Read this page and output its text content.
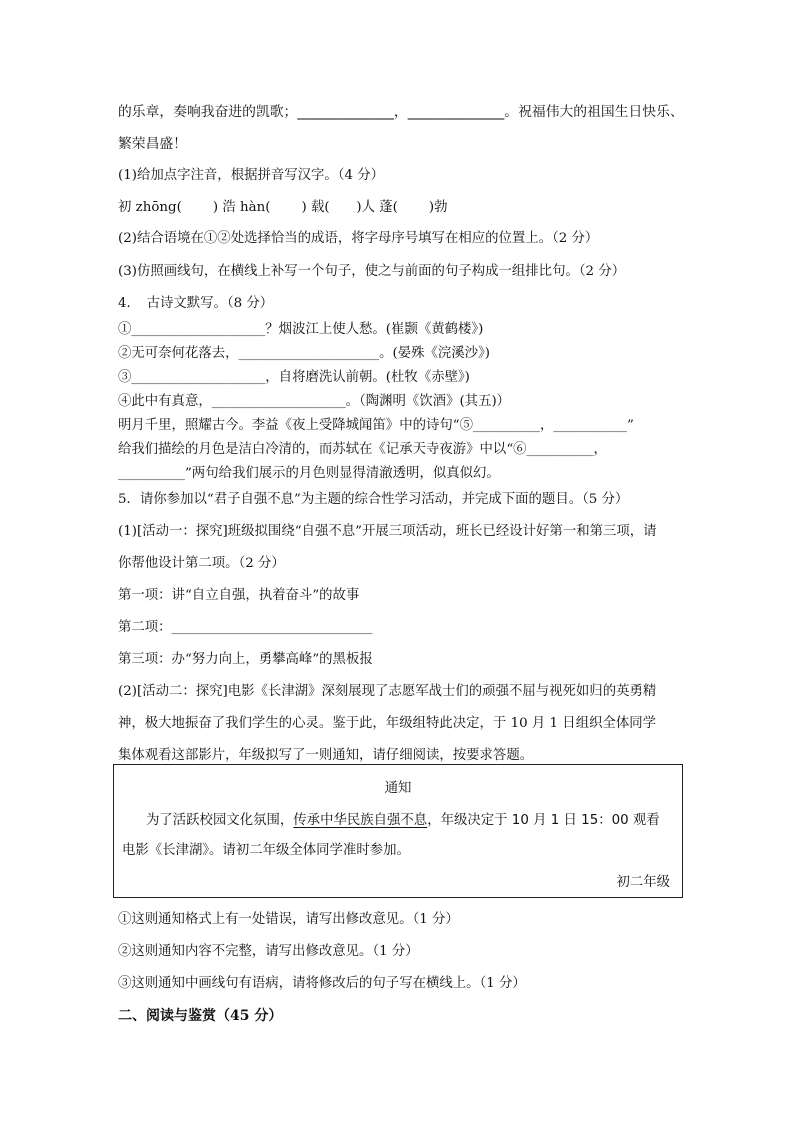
的乐章，奏响我奋进的凯歌；______________，______________。祝福伟大的祖国生日快乐、

繁荣昌盛！

(1)给加点字注音，根据拼音写汉字。（4 分）

初 zhōng(　　 ) 浩 hàn(　　 ) 载(　　)人 蓬(　　 )勃

(2)结合语境在①②处选择恰当的成语，将字母序号填写在相应的位置上。（2 分）

(3)仿照画线句，在横线上补写一个句子，使之与前面的句子构成一组排比句。（2 分）

4．　古诗文默写。（8 分）

①____________________？烟波江上使人愁。(崔颢《黄鹤楼》)

②无可奈何花落去，_____________________。(晏殊《浣溪沙》)

③____________________，自将磨洗认前朝。(杜牧《赤壁》)

④此中有真意，____________________。（陶渊明《饮酒》(其五)）

明月千里，照耀古今。李益《夜上受降城闻笛》中的诗句“⑤__________，___________”

给我们描绘的月色是洁白冷清的，而苏轼在《记承天寺夜游》中以“⑥__________，

__________”两句给我们展示的月色则显得清澈透明，似真似幻。

5．请你参加以“君子自强不息”为主题的综合性学习活动，并完成下面的题目。（5 分）

(1)[活动一：探究]班级拟围绕“自强不息”开展三项活动，班长已经设计好第一和第三项，请

你帮他设计第二项。（2 分）

第一项：讲“自立自强，执着奋斗”的故事

第二项：______________________________

第三项：办“努力向上，勇攀高峰”的黑板报

(2)[活动二：探究]电影《长津湖》深刻展现了志愿军战士们的顽强不屈与视死如归的英勇精

神，极大地振奋了我们学生的心灵。鉴于此，年级组特此决定，于 10 月 1 日组织全体同学

集体观看这部影片，年级拟写了一则通知，请仔细阅读，按要求答题。

通知
为了活跃校园文化氛围，传承中华民族自强不息，年级决定于 10 月 1 日 15：00 观看
电影《长津湖》。请初二年级全体同学准时参加。
初二年级

①这则通知格式上有一处错误，请写出修改意见。（1 分）

②这则通知内容不完整，请写出修改意见。（1 分）

③这则通知中画线句有语病，请将修改后的句子写在横线上。（1 分）

二、阅读与鉴赏（45 分）
